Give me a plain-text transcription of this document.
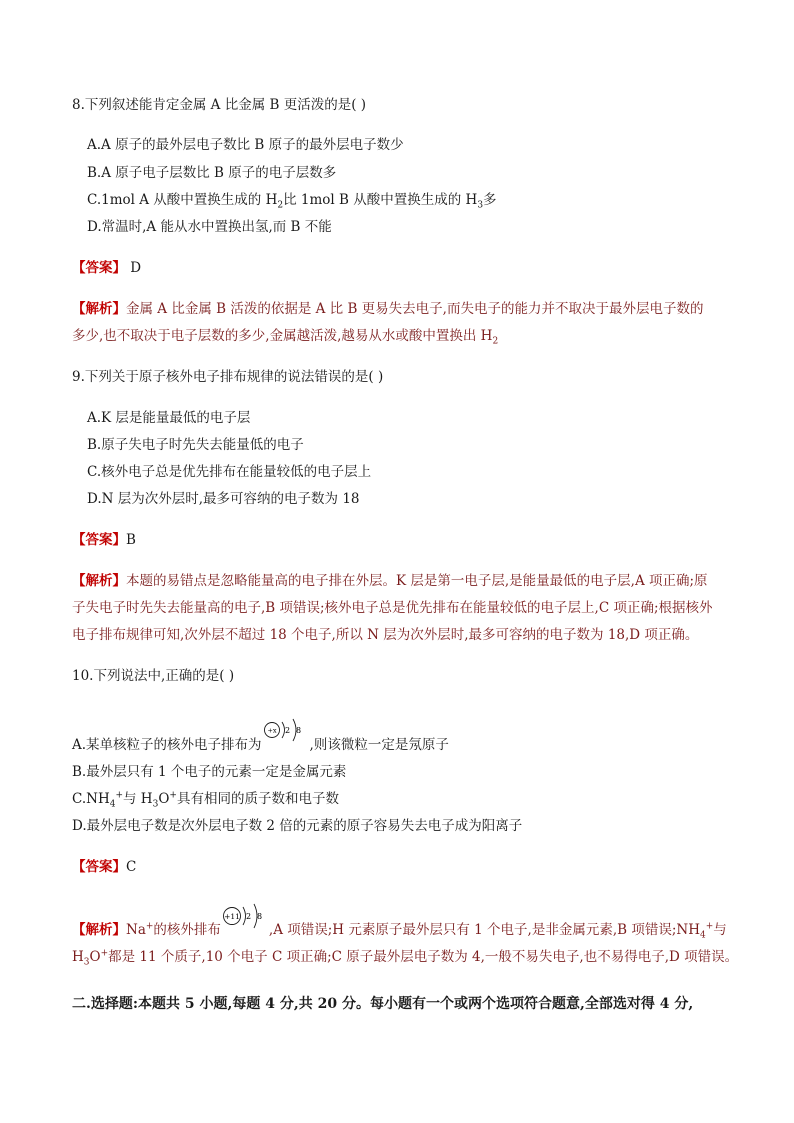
8.下列叙述能肯定金属 A 比金属 B 更活泼的是( )
A.A 原子的最外层电子数比 B 原子的最外层电子数少
B.A 原子电子层数比 B 原子的电子层数多
C.1mol A 从酸中置换生成的 $H_2$比 1mol B 从酸中置换生成的 $H_3$多
D.常温时,A 能从水中置换出氢,而 B 不能
【答案】 D
【解析】金属 A 比金属 B 活泼的依据是 A 比 B 更易失去电子,而失电子的能力并不取决于最外层电子数的
多少,也不取决于电子层数的多少,金属越活泼,越易从水或酸中置换出 $H_2$
9.下列关于原子核外电子排布规律的说法错误的是( )
A.K 层是能量最低的电子层
B.原子失电子时先失去能量低的电子
C.核外电子总是优先排布在能量较低的电子层上
D.N 层为次外层时,最多可容纳的电子数为 18
【答案】B
【解析】本题的易错点是忽略能量高的电子排在外层。K 层是第一电子层,是能量最低的电子层,A 项正确;原
子失电子时先失去能量高的电子,B 项错误;核外电子总是优先排布在能量较低的电子层上,C 项正确;根据核外
电子排布规律可知,次外层不超过 18 个电子,所以 N 层为次外层时,最多可容纳的电子数为 18,D 项正确。
10.下列说法中,正确的是( )
A.某单核粒子的核外电子排布为
+x 2 8
,则该微粒一定是氖原子
B.最外层只有 1 个电子的元素一定是金属元素
$C.NH_4^+$与 $H_3O^+$具有相同的质子数和电子数
D.最外层电子数是次外层电子数 2 倍的元素的原子容易失去电子成为阳离子
【答案】C
【解析】Na+的核外排布
+11 2 8
,A 项错误;H 元素原子最外层只有 1 个电子,是非金属元素,B 项错误$;NH_4^+$与
$H_3O^+$都是 11 个质子,10 个电子 C 项正确;C 原子最外层电子数为 4,一般不易失电子,也不易得电子,D 项错误。
二.选择题:本题共 5 小题,每题 4 分,共 20 分。每小题有一个或两个选项符合题意,全部选对得 4 分,
